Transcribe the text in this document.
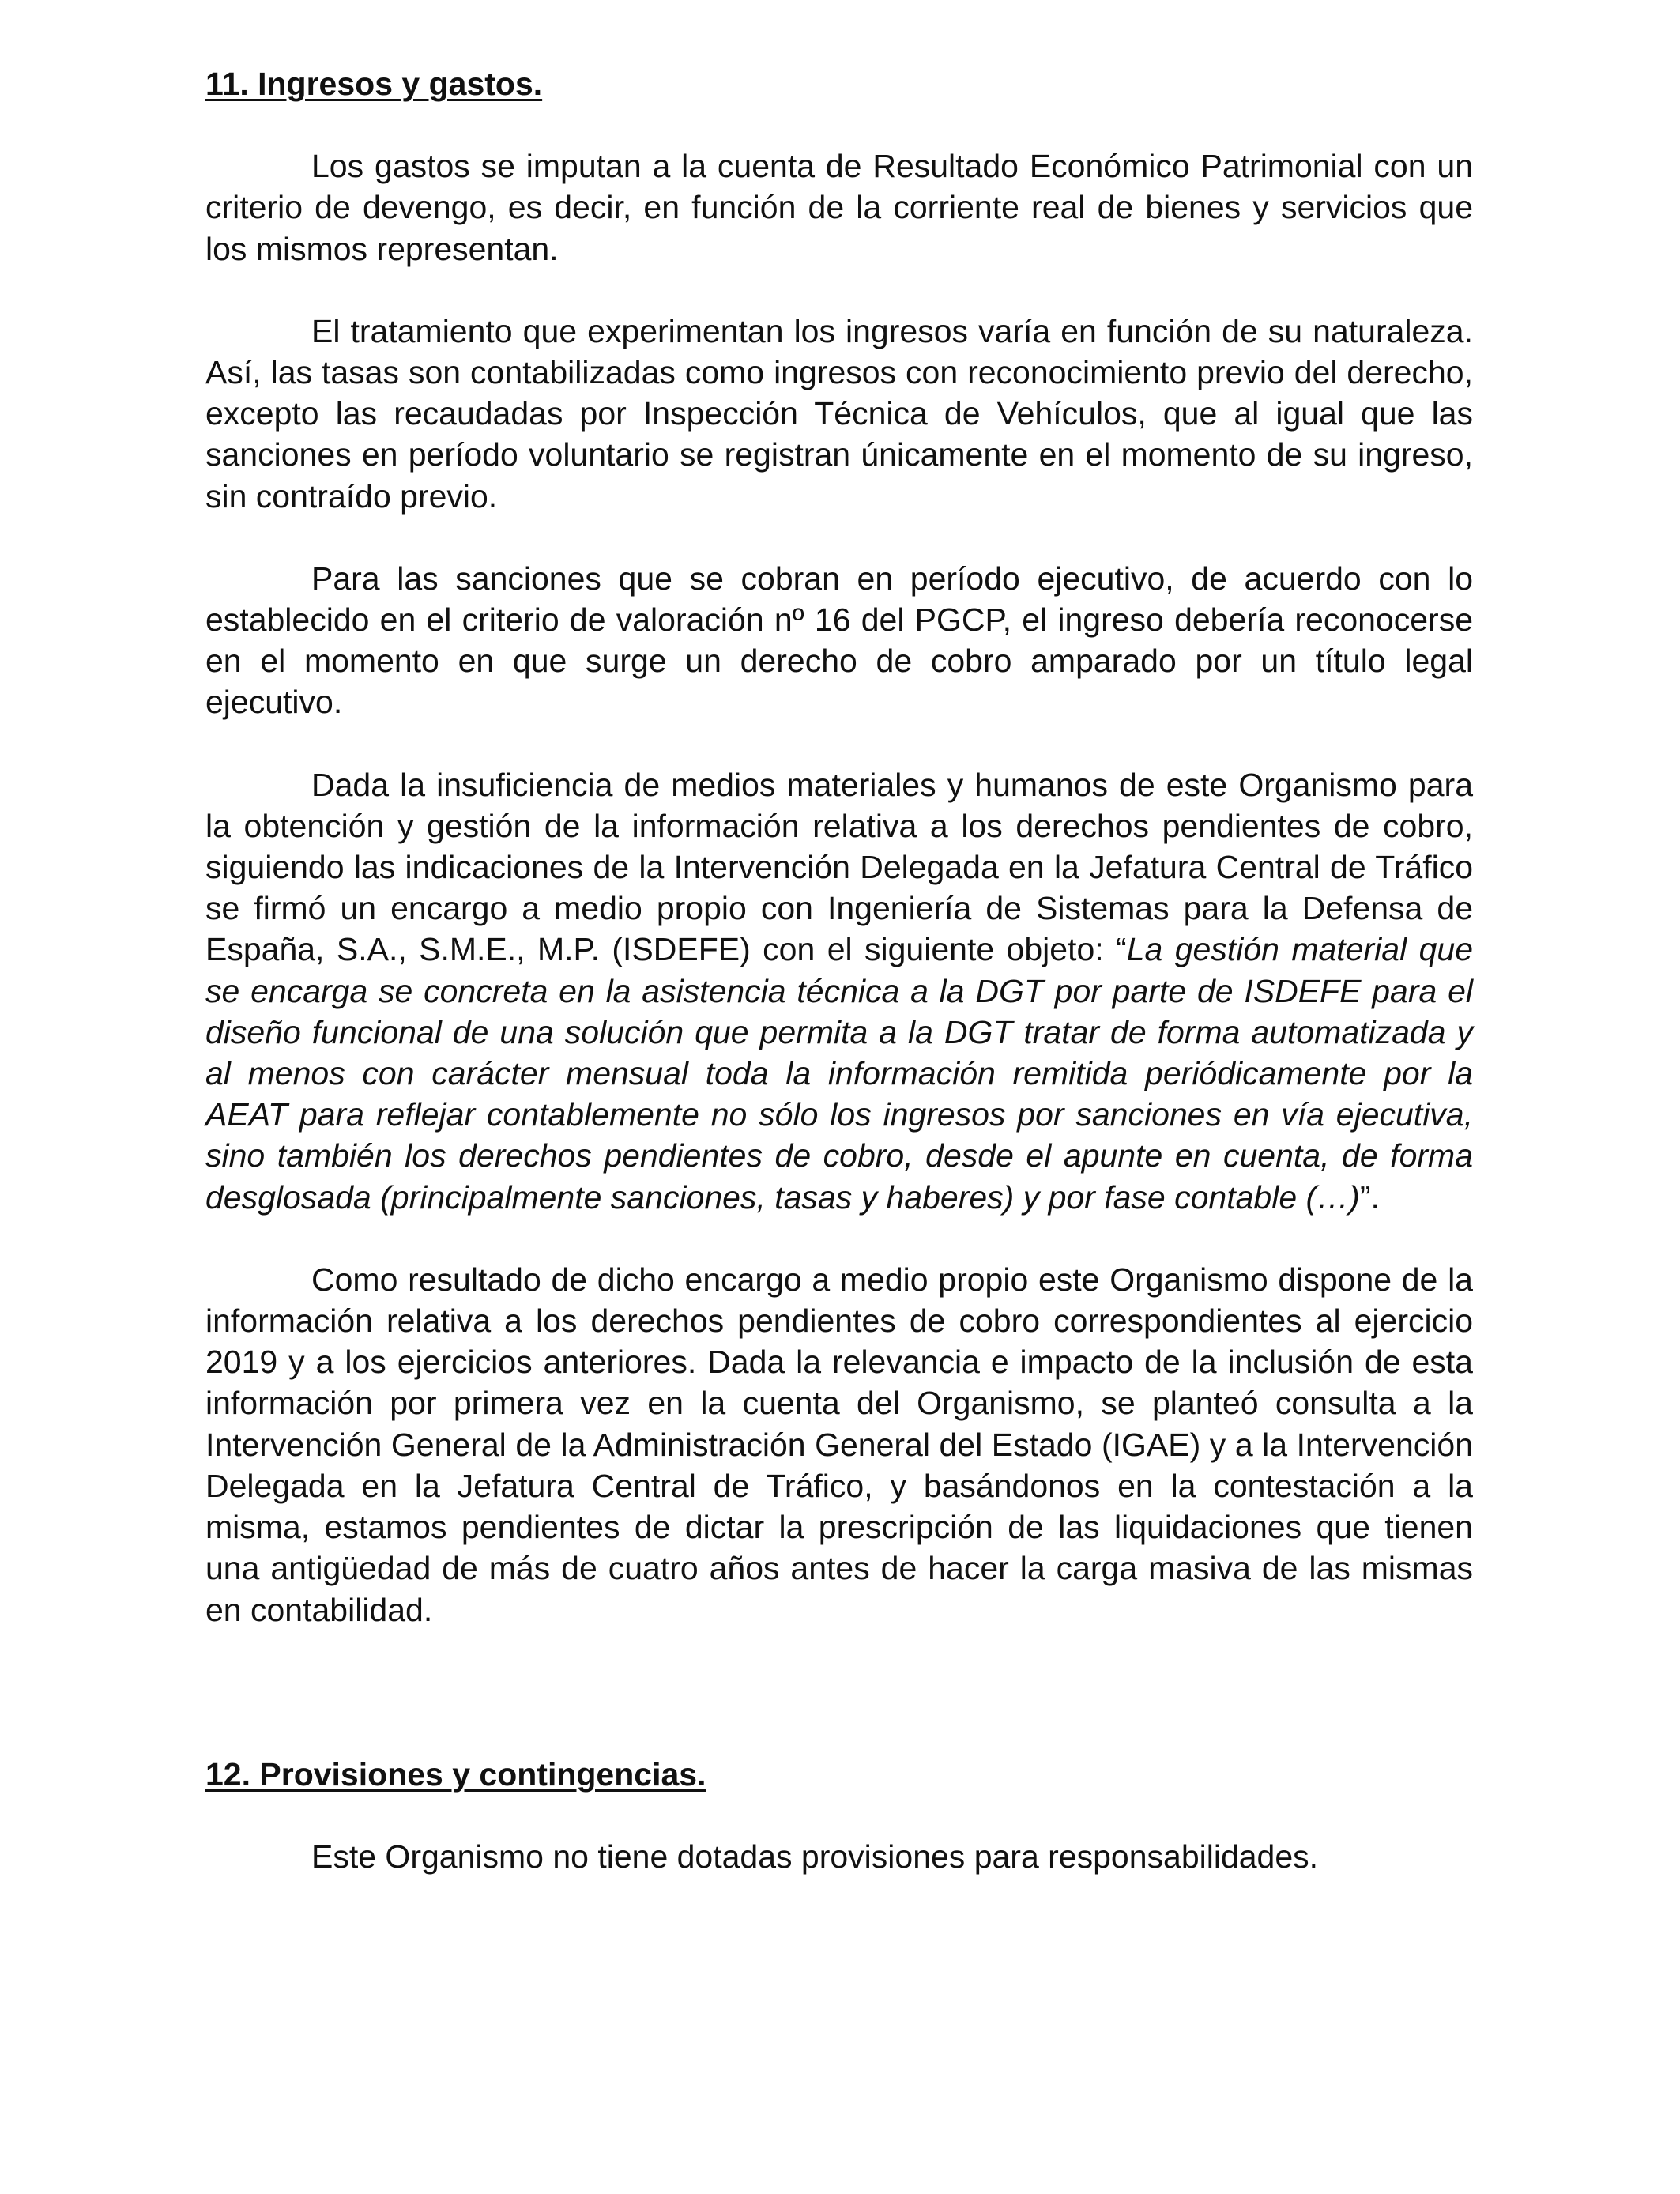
11. Ingresos y gastos.

Los gastos se imputan a la cuenta de Resultado Económico Patrimonial con un criterio de devengo, es decir, en función de la corriente real de bienes y servicios que los mismos representan.

El tratamiento que experimentan los ingresos varía en función de su naturaleza. Así, las tasas son contabilizadas como ingresos con reconocimiento previo del derecho, excepto las recaudadas por Inspección Técnica de Vehículos, que al igual que las sanciones en período voluntario se registran únicamente en el momento de su ingreso, sin contraído previo.

Para las sanciones que se cobran en período ejecutivo, de acuerdo con lo establecido en el criterio de valoración nº 16 del PGCP, el ingreso debería reconocerse en el momento en que surge un derecho de cobro amparado por un título legal ejecutivo.

Dada la insuficiencia de medios materiales y humanos de este Organismo para la obtención y gestión de la información relativa a los derechos pendientes de cobro, siguiendo las indicaciones de la Intervención Delegada en la Jefatura Central de Tráfico se firmó un encargo a medio propio con Ingeniería de Sistemas para la Defensa de España, S.A., S.M.E., M.P. (ISDEFE) con el siguiente objeto: “La gestión material que se encarga se concreta en la asistencia técnica a la DGT por parte de ISDEFE para el diseño funcional de una solución que permita a la DGT tratar de forma automatizada y al menos con carácter mensual toda la información remitida periódicamente por la AEAT para reflejar contablemente no sólo los ingresos por sanciones en vía ejecutiva, sino también los derechos pendientes de cobro, desde el apunte en cuenta, de forma desglosada (principalmente sanciones, tasas y haberes) y por fase contable (…)”.

Como resultado de dicho encargo a medio propio este Organismo dispone de la información relativa a los derechos pendientes de cobro correspondientes al ejercicio 2019 y a los ejercicios anteriores. Dada la relevancia e impacto de la inclusión de esta información por primera vez en la cuenta del Organismo, se planteó consulta a la Intervención General de la Administración General del Estado (IGAE) y a la Intervención Delegada en la Jefatura Central de Tráfico, y basándonos en la contestación a la misma, estamos pendientes de dictar la prescripción de las liquidaciones que tienen una antigüedad de más de cuatro años antes de hacer la carga masiva de las mismas en contabilidad.

12. Provisiones y contingencias.

Este Organismo no tiene dotadas provisiones para responsabilidades.
